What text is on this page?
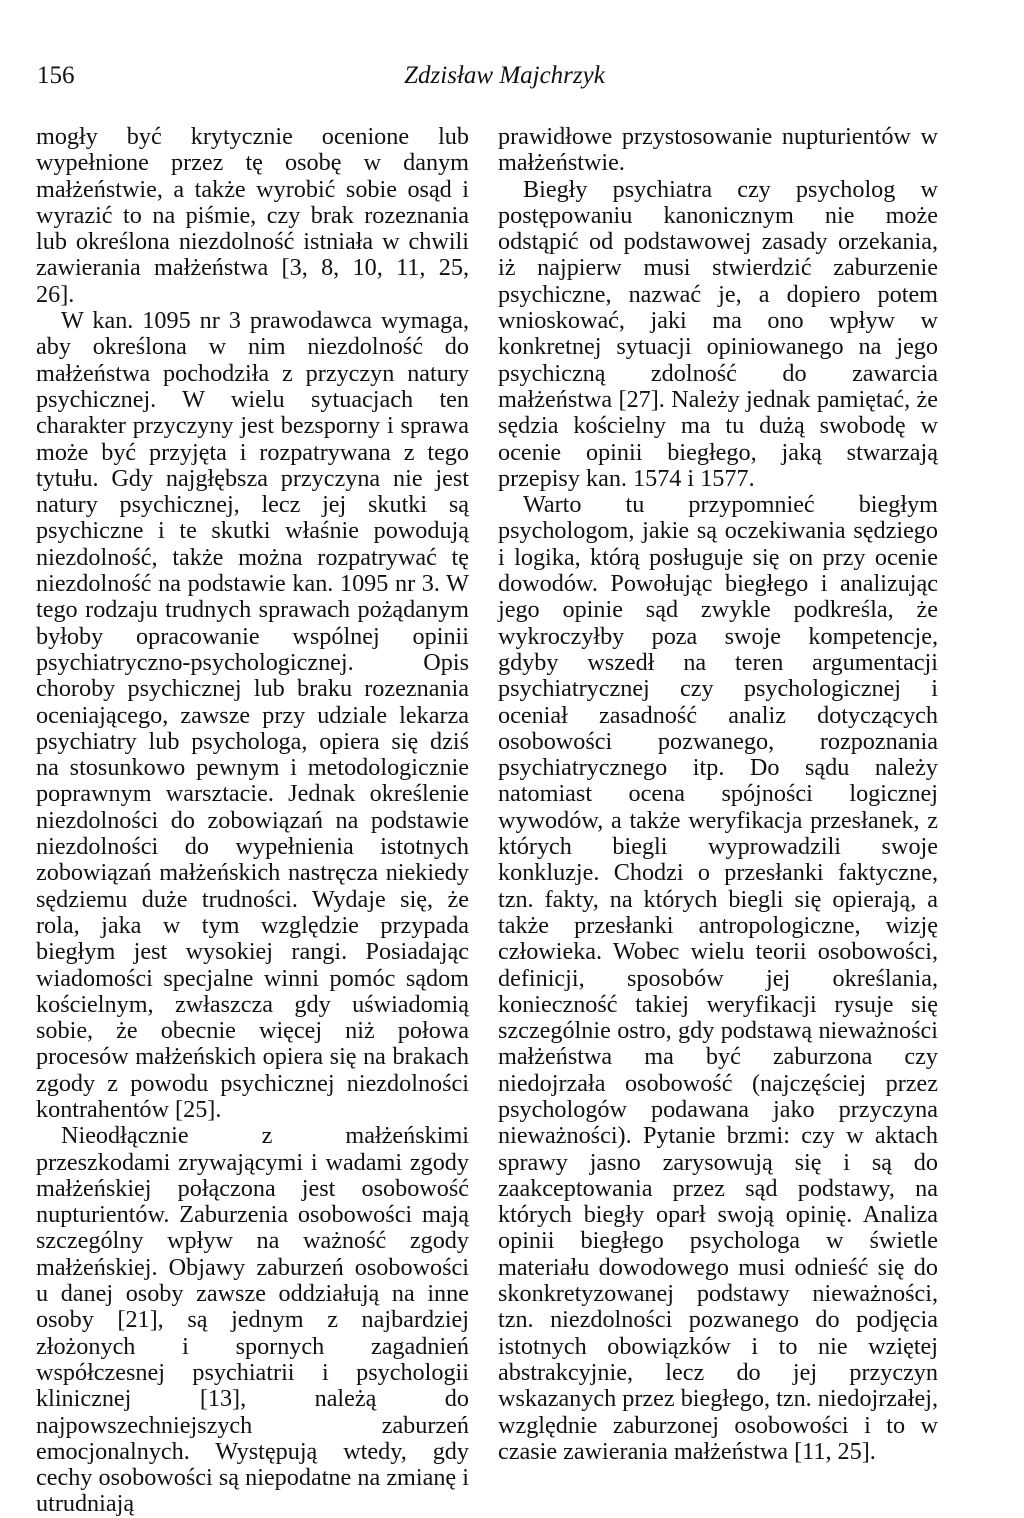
156	Zdzisław Majchrzyk

mogły być krytycznie ocenione lub wypełnione przez tę osobę w danym małżeństwie, a także wyrobić sobie osąd i wyrazić to na piśmie, czy brak rozeznania lub określona niezdolność istniała w chwili zawierania małżeństwa [3, 8, 10, 11, 25, 26].

W kan. 1095 nr 3 prawodawca wymaga, aby określona w nim niezdolność do małżeństwa pochodziła z przyczyn natury psychicznej. W wielu sytuacjach ten charakter przyczyny jest bezsporny i sprawa może być przyjęta i rozpatrywana z tego tytułu. Gdy najgłębsza przyczyna nie jest natury psychicznej, lecz jej skutki są psychiczne i te skutki właśnie powodują niezdolność, także można rozpatrywać tę niezdolność na podstawie kan. 1095 nr 3. W tego rodzaju trudnych sprawach pożądanym byłoby opracowanie wspólnej opinii psychiatryczno-psychologicznej. Opis choroby psychicznej lub braku rozeznania oceniającego, zawsze przy udziale lekarza psychiatry lub psychologa, opiera się dziś na stosunkowo pewnym i metodologicznie poprawnym warsztacie. Jednak określenie niezdolności do zobowiązań na podstawie niezdolności do wypełnienia istotnych zobowiązań małżeńskich nastręcza niekiedy sędziemu duże trudności. Wydaje się, że rola, jaka w tym względzie przypada biegłym jest wysokiej rangi. Posiadając wiadomości specjalne winni pomóc sądom kościelnym, zwłaszcza gdy uświadomią sobie, że obecnie więcej niż połowa procesów małżeńskich opiera się na brakach zgody z powodu psychicznej niezdolności kontrahentów [25].

Nieodłącznie z małżeńskimi przeszkodami zrywającymi i wadami zgody małżeńskiej połączona jest osobowość nupturientów. Zaburzenia osobowości mają szczególny wpływ na ważność zgody małżeńskiej. Objawy zaburzeń osobowości u danej osoby zawsze oddziałują na inne osoby [21], są jednym z najbardziej złożonych i spornych zagadnień współczesnej psychiatrii i psychologii klinicznej [13], należą do najpowszechniejszych zaburzeń emocjonalnych. Występują wtedy, gdy cechy osobowości są niepodatne na zmianę i utrudniają

prawidłowe przystosowanie nupturientów w małżeństwie.

Biegły psychiatra czy psycholog w postępowaniu kanonicznym nie może odstąpić od podstawowej zasady orzekania, iż najpierw musi stwierdzić zaburzenie psychiczne, nazwać je, a dopiero potem wnioskować, jaki ma ono wpływ w konkretnej sytuacji opiniowanego na jego psychiczną zdolność do zawarcia małżeństwa [27]. Należy jednak pamiętać, że sędzia kościelny ma tu dużą swobodę w ocenie opinii biegłego, jaką stwarzają przepisy kan. 1574 i 1577.

Warto tu przypomnieć biegłym psychologom, jakie są oczekiwania sędziego i logika, którą posługuje się on przy ocenie dowodów. Powołując biegłego i analizując jego opinie sąd zwykle podkreśla, że wykroczyłby poza swoje kompetencje, gdyby wszedł na teren argumentacji psychiatrycznej czy psychologicznej i oceniał zasadność analiz dotyczących osobowości pozwanego, rozpoznania psychiatrycznego itp. Do sądu należy natomiast ocena spójności logicznej wywodów, a także weryfikacja przesłanek, z których biegli wyprowadzili swoje konkluzje. Chodzi o przesłanki faktyczne, tzn. fakty, na których biegli się opierają, a także przesłanki antropologiczne, wizję człowieka. Wobec wielu teorii osobowości, definicji, sposobów jej określania, konieczność takiej weryfikacji rysuje się szczególnie ostro, gdy podstawą nieważności małżeństwa ma być zaburzona czy niedojrzała osobowość (najczęściej przez psychologów podawana jako przyczyna nieważności). Pytanie brzmi: czy w aktach sprawy jasno zarysowują się i są do zaakceptowania przez sąd podstawy, na których biegły oparł swoją opinię. Analiza opinii biegłego psychologa w świetle materiału dowodowego musi odnieść się do skonkretyzowanej podstawy nieważności, tzn. niezdolności pozwanego do podjęcia istotnych obowiązków i to nie wziętej abstrakcyjnie, lecz do jej przyczyn wskazanych przez biegłego, tzn. niedojrzałej, względnie zaburzonej osobowości i to w czasie zawierania małżeństwa [11, 25].
